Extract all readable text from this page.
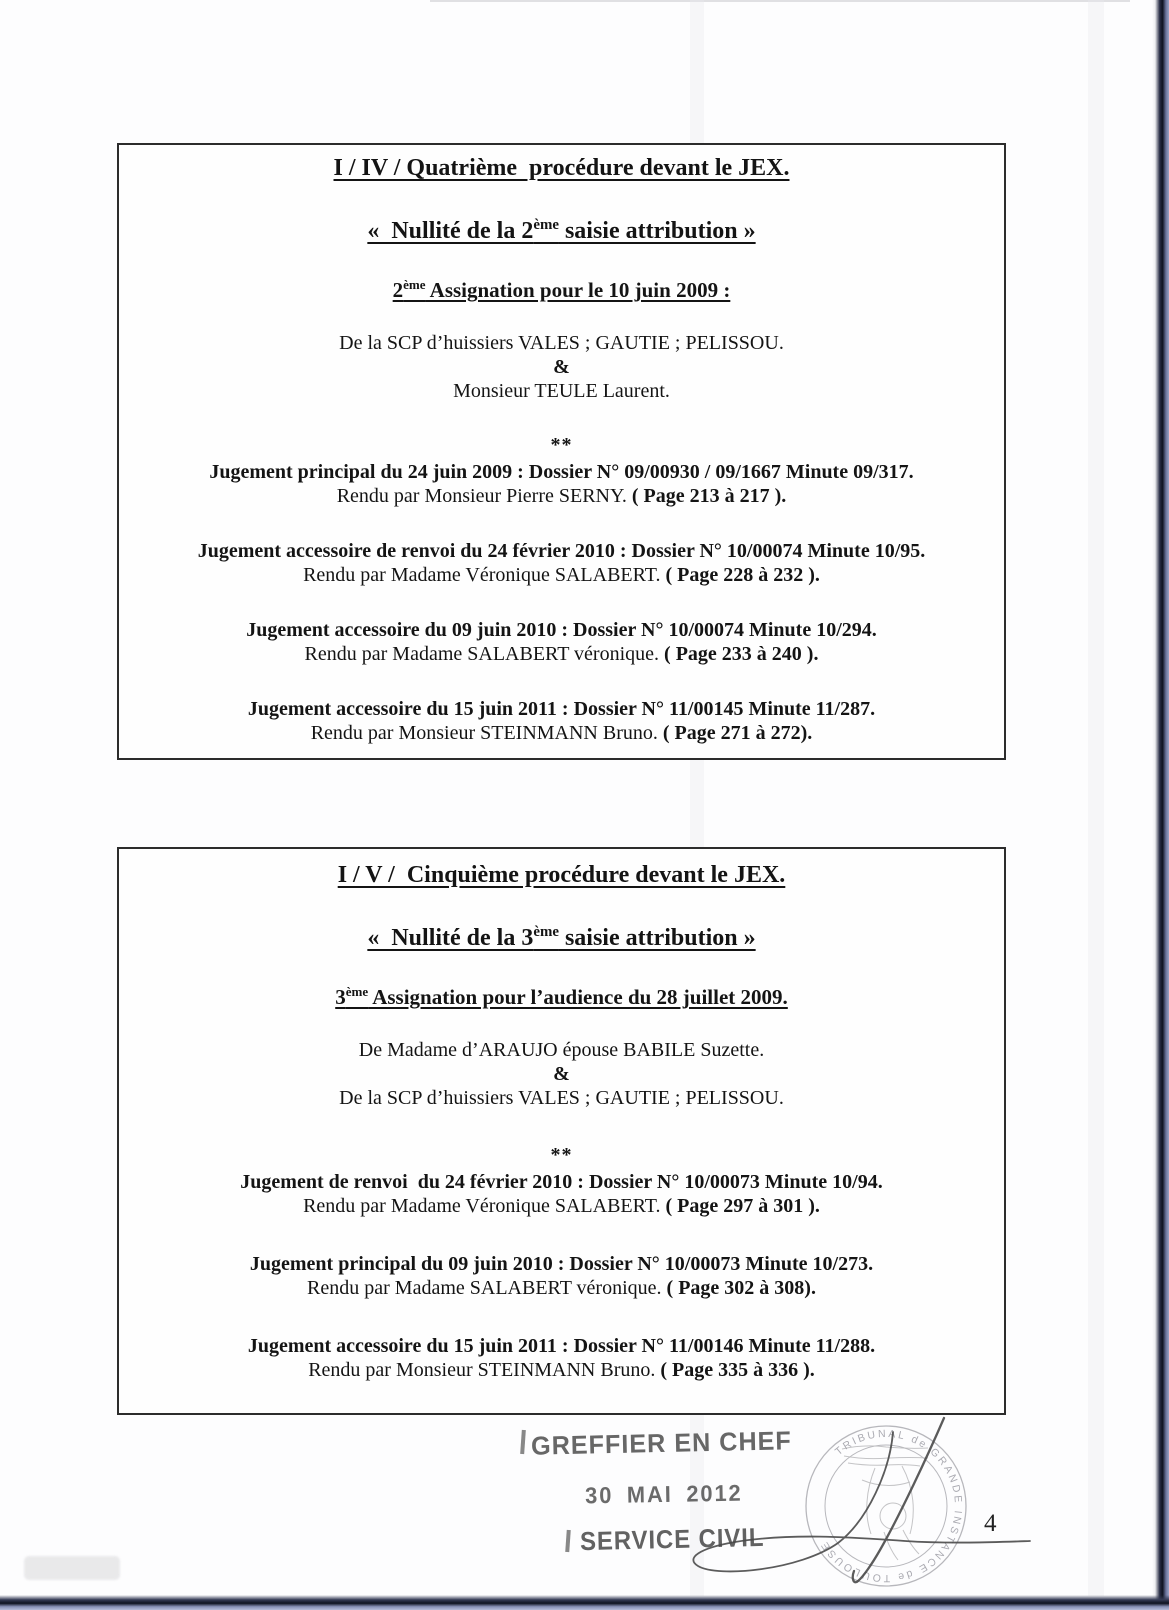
I / IV / Quatrième  procédure devant le JEX.
«  Nullité de la 2ème saisie attribution »
2ème Assignation pour le 10 juin 2009 :
De la SCP d’huissiers VALES ; GAUTIE ; PELISSOU.
&
Monsieur TEULE Laurent.
**
Jugement principal du 24 juin 2009 : Dossier N° 09/00930 / 09/1667 Minute 09/317.
Rendu par Monsieur Pierre SERNY. ( Page 213 à 217 ).
Jugement accessoire de renvoi du 24 février 2010 : Dossier N° 10/00074 Minute 10/95.
Rendu par Madame Véronique SALABERT. ( Page 228 à 232 ).
Jugement accessoire du 09 juin 2010 : Dossier N° 10/00074 Minute 10/294.
Rendu par Madame SALABERT véronique. ( Page 233 à 240 ).
Jugement accessoire du 15 juin 2011 : Dossier N° 11/00145 Minute 11/287.
Rendu par Monsieur STEINMANN Bruno. ( Page 271 à 272).
I / V /  Cinquième procédure devant le JEX.
«  Nullité de la 3ème saisie attribution »
3ème Assignation pour l’audience du 28 juillet 2009.
De Madame d’ARAUJO épouse BABILE Suzette.
&
De la SCP d’huissiers VALES ; GAUTIE ; PELISSOU.
**
Jugement de renvoi  du 24 février 2010 : Dossier N° 10/00073 Minute 10/94.
Rendu par Madame Véronique SALABERT. ( Page 297 à 301 ).
Jugement principal du 09 juin 2010 : Dossier N° 10/00073 Minute 10/273.
Rendu par Madame SALABERT véronique. ( Page 302 à 308).
Jugement accessoire du 15 juin 2011 : Dossier N° 11/00146 Minute 11/288.
Rendu par Monsieur STEINMANN Bruno. ( Page 335 à 336 ).
GREFFIER EN CHEF
30 MAI 2012
SERVICE CIVIL
TRIBUNAL de GRANDE INSTANCE de TOULOUSE
4
